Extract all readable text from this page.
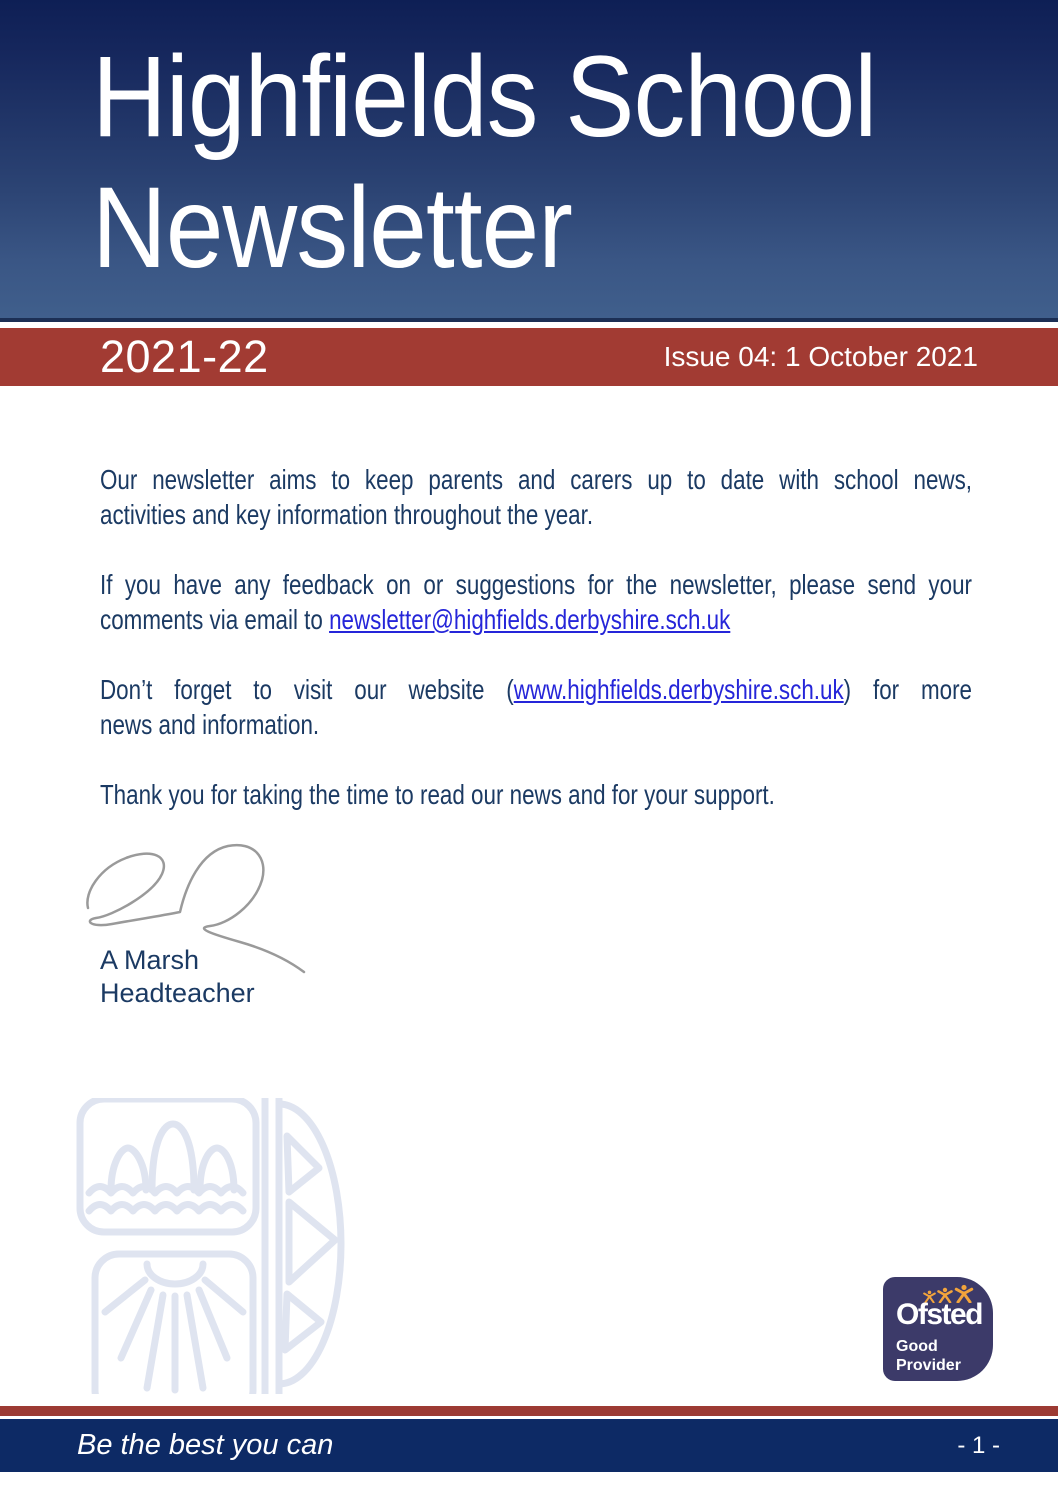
Highfields School Newsletter
2021-22	Issue 04: 1 October 2021
Our newsletter aims to keep parents and carers up to date with school news,
activities and key information throughout the year.
If you have any feedback on or suggestions for the newsletter, please send your
comments via email to newsletter@highfields.derbyshire.sch.uk
Don’t forget to visit our website (www.highfields.derbyshire.sch.uk) for more
news and information.
Thank you for taking the time to read our news and for your support.
A Marsh
Headteacher
Ofsted
Good
Provider
Be the best you can	- 1 -
